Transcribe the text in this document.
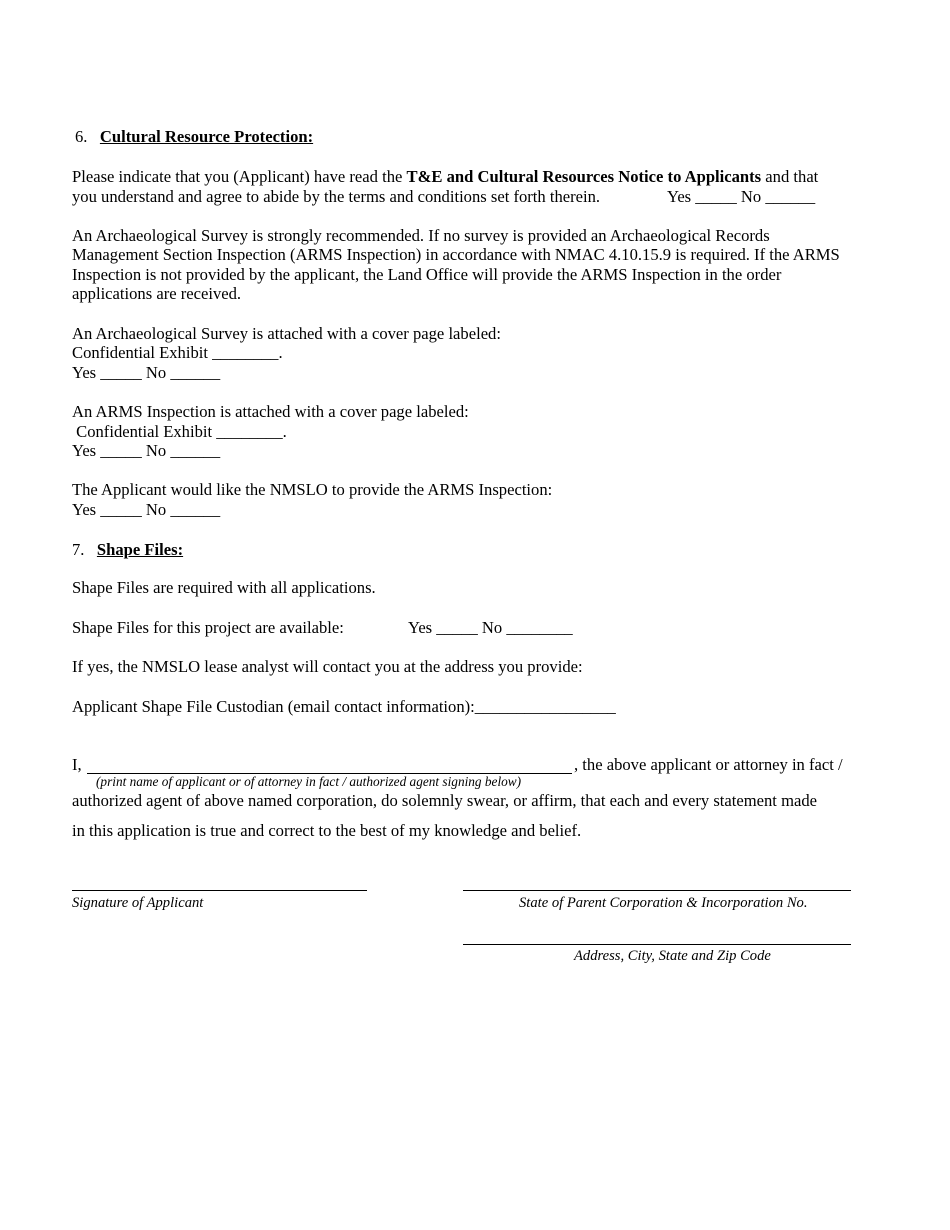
6. Cultural Resource Protection:
Please indicate that you (Applicant) have read the T&E and Cultural Resources Notice to Applicants and that
you understand and agree to abide by the terms and conditions set forth therein.	Yes _____ No ______
An Archaeological Survey is strongly recommended. If no survey is provided an Archaeological Records
Management Section Inspection (ARMS Inspection) in accordance with NMAC 4.10.15.9 is required. If the ARMS
Inspection is not provided by the applicant, the Land Office will provide the ARMS Inspection in the order
applications are received.
An Archaeological Survey is attached with a cover page labeled:
Confidential Exhibit ________.
Yes _____ No ______
An ARMS Inspection is attached with a cover page labeled:
Confidential Exhibit ________.
Yes _____ No ______
The Applicant would like the NMSLO to provide the ARMS Inspection:
Yes _____ No ______
7. Shape Files:
Shape Files are required with all applications.
Shape Files for this project are available:	Yes _____ No ________
If yes, the NMSLO lease analyst will contact you at the address you provide:
Applicant Shape File Custodian (email contact information):_________________
I,	, the above applicant or attorney in fact /
(print name of applicant or of attorney in fact / authorized agent signing below)
authorized agent of above named corporation, do solemnly swear, or affirm, that each and every statement made
in this application is true and correct to the best of my knowledge and belief.
Signature of Applicant	State of Parent Corporation & Incorporation No.
Address, City, State and Zip Code
